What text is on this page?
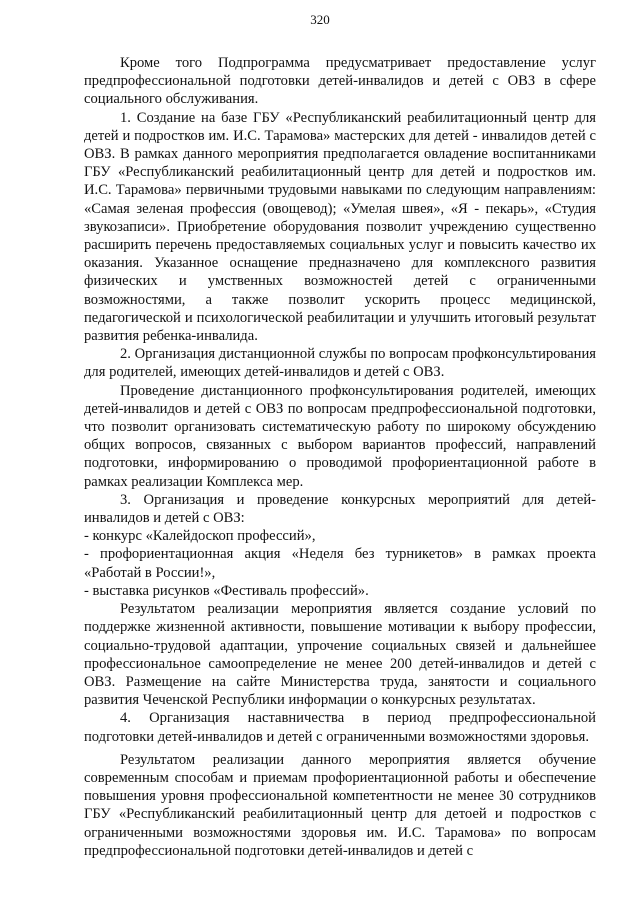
320

Кроме того Подпрограмма предусматривает предоставление услуг предпрофессиональной подготовки детей-инвалидов и детей с ОВЗ в сфере социального обслуживания.

1. Создание на базе ГБУ «Республиканский реабилитационный центр для детей и подростков им. И.С. Тарамова» мастерских для детей - инвалидов детей с ОВЗ. В рамках данного мероприятия предполагается овладение воспитанниками ГБУ «Республиканский реабилитационный центр для детей и подростков им. И.С. Тарамова» первичными трудовыми навыками по следующим направлениям: «Самая зеленая профессия (овощевод); «Умелая швея», «Я - пекарь», «Студия звукозаписи». Приобретение оборудования позволит учреждению существенно расширить перечень предоставляемых социальных услуг и повысить качество их оказания. Указанное оснащение предназначено для комплексного развития физических и умственных возможностей детей с ограниченными возможностями, а также позволит ускорить процесс медицинской, педагогической и психологической реабилитации и улучшить итоговый результат развития ребенка-инвалида.

2. Организация дистанционной службы по вопросам профконсультирования для родителей, имеющих детей-инвалидов и детей с ОВЗ.

Проведение дистанционного профконсультирования родителей, имеющих детей-инвалидов и детей с ОВЗ по вопросам предпрофессиональной подготовки, что позволит организовать систематическую работу по широкому обсуждению общих вопросов, связанных с выбором вариантов профессий, направлений подготовки, информированию о проводимой профориентационной работе в рамках реализации Комплекса мер.

3. Организация и проведение конкурсных мероприятий для детей-инвалидов и детей с ОВЗ:

- конкурс «Калейдоскоп профессий»,

- профориентационная акция «Неделя без турникетов» в рамках проекта «Работай в России!»,

- выставка рисунков «Фестиваль профессий».

Результатом реализации мероприятия является создание условий по поддержке жизненной активности, повышение мотивации к выбору профессии, социально-трудовой адаптации, упрочение социальных связей и дальнейшее профессиональное самоопределение не менее 200 детей-инвалидов и детей с ОВЗ. Размещение на сайте Министерства труда, занятости и социального развития Чеченской Республики информации о конкурсных результатах.

4. Организация наставничества в период предпрофессиональной подготовки детей-инвалидов и детей с ограниченными возможностями здоровья.

Результатом реализации данного мероприятия является обучение современным способам и приемам профориентационной работы и обеспечение повышения уровня профессиональной компетентности не менее 30 сотрудников ГБУ «Республиканский реабилитационный центр для детоей и подростков с ограниченными возможностями здоровья им. И.С. Тарамова» по вопросам предпрофессиональной подготовки детей-инвалидов и детей с
